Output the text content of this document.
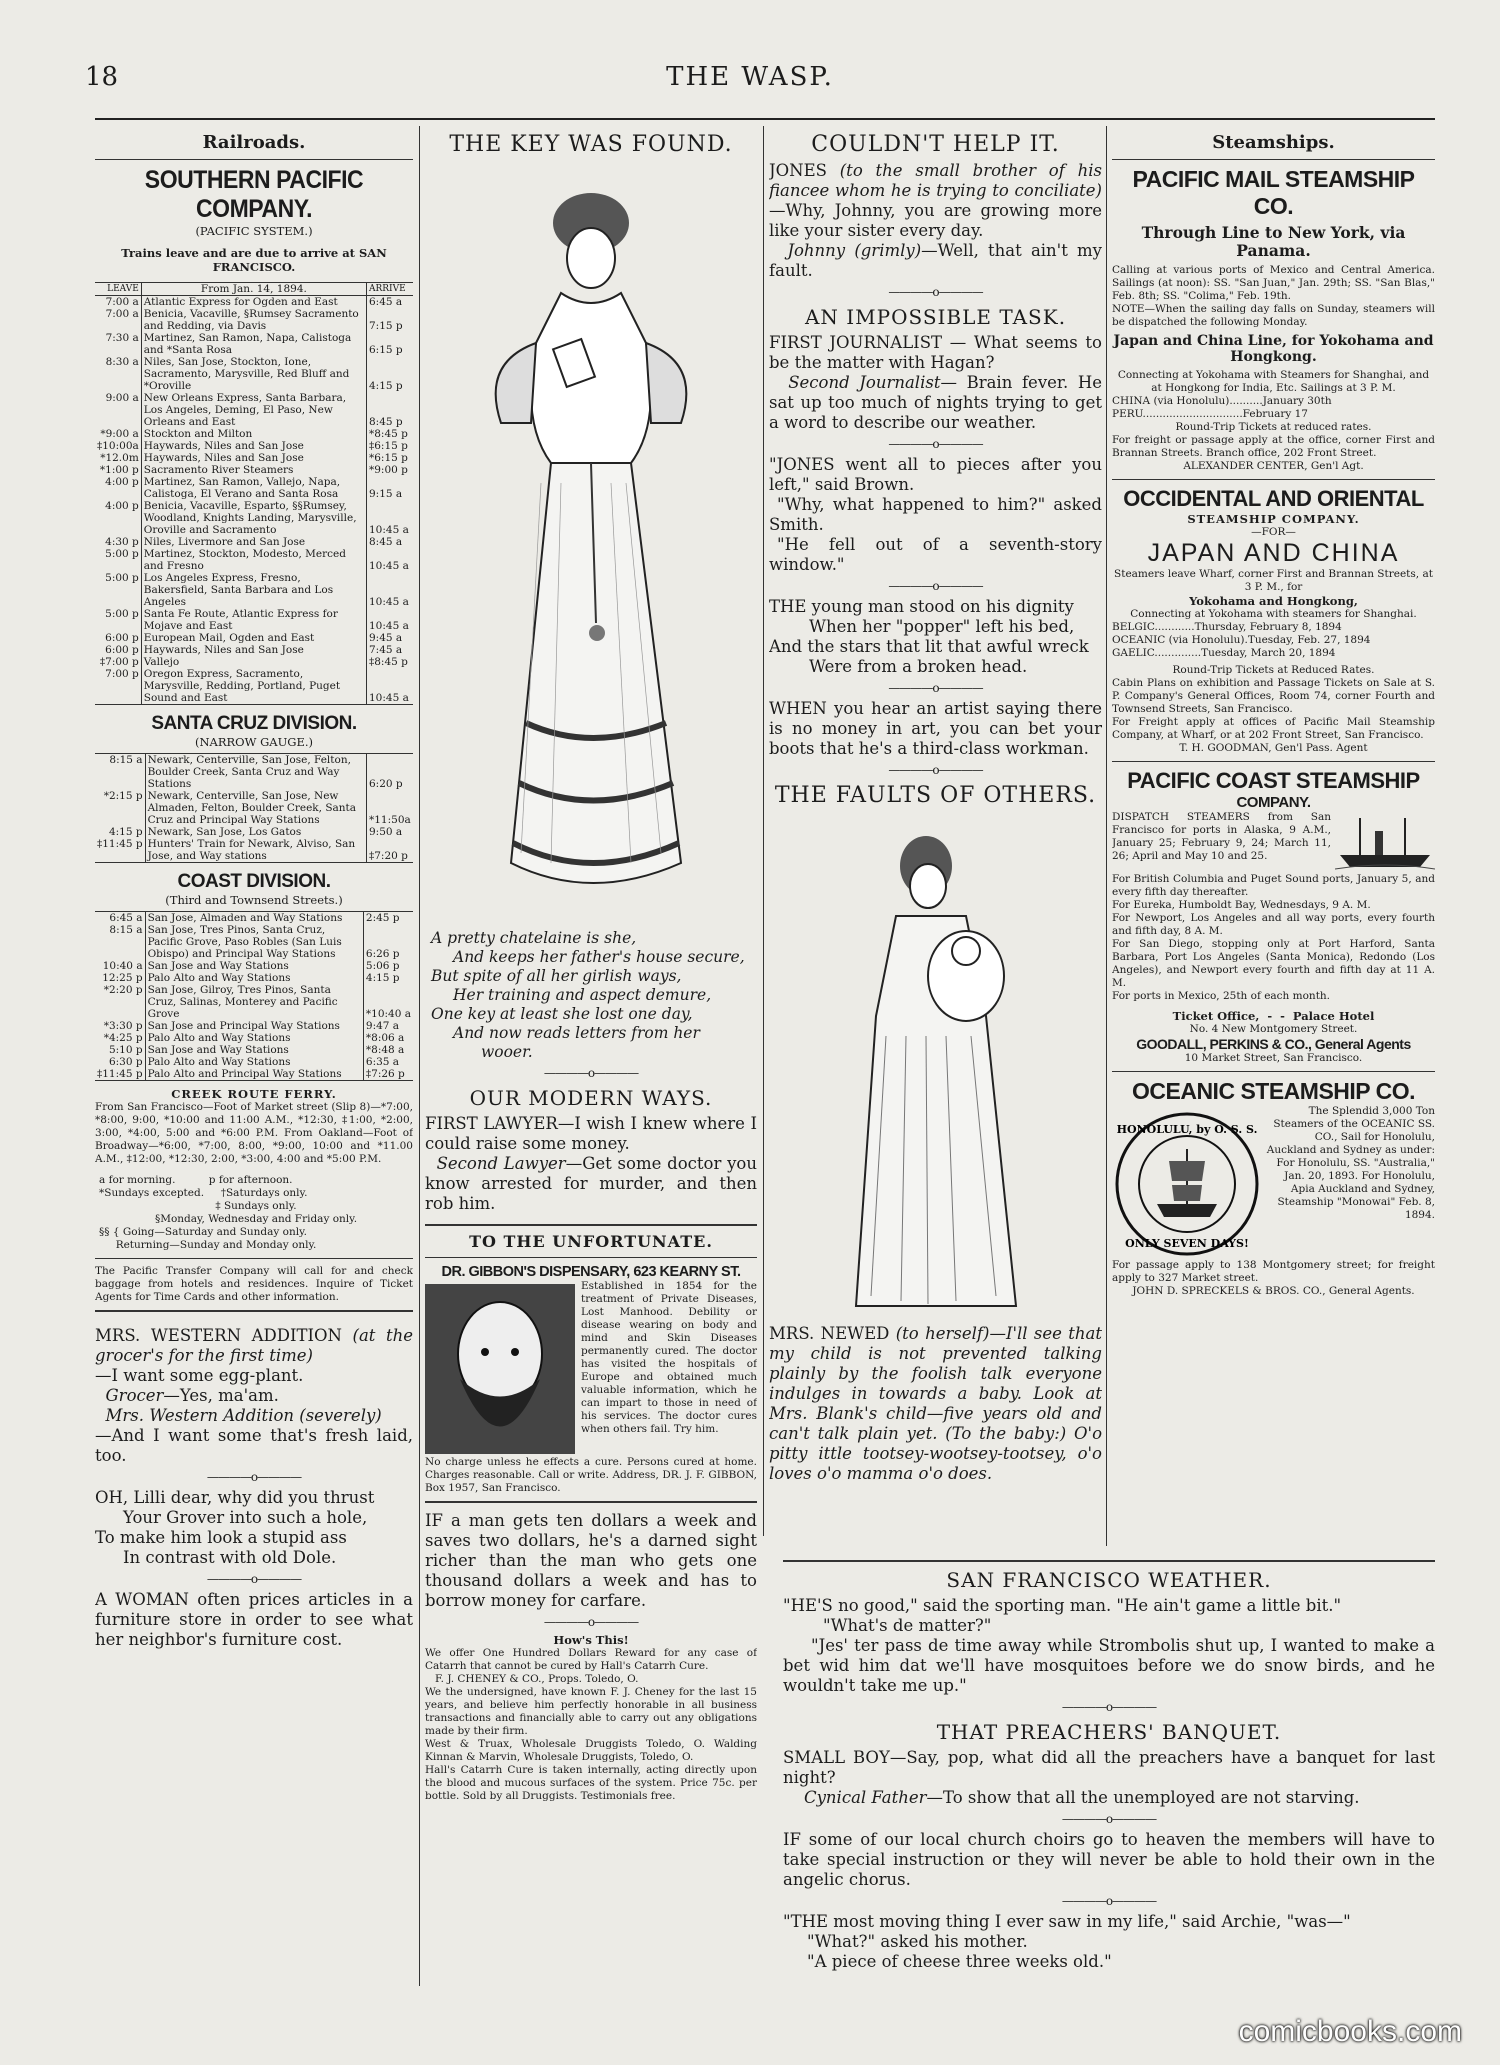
18	THE WASP.
Railroads.
SOUTHERN PACIFIC COMPANY.
(PACIFIC SYSTEM.)
Trains leave and are due to arrive at SAN FRANCISCO.
LEAVE	From Jan. 14, 1894.	ARRIVE
7:00 a	Atlantic Express for Ogden and East	6:45 a
7:00 a	Benicia, Vacaville, §Rumsey Sacramento and Redding, via Davis	7:15 p
7:30 a	Martinez, San Ramon, Napa, Calistoga and *Santa Rosa	6:15 p
8:30 a	Niles, San Jose, Stockton, Ione, Sacramento, Marysville, Red Bluff and *Oroville	4:15 p
9:00 a	New Orleans Express, Santa Barbara, Los Angeles, Deming, El Paso, New Orleans and East	8:45 p
*9:00 a	Stockton and Milton	*8:45 p
‡10:00a	Haywards, Niles and San Jose	‡6:15 p
*12.0m	Haywards, Niles and San Jose	*6:15 p
*1:00 p	Sacramento River Steamers	*9:00 p
4:00 p	Martinez, San Ramon, Vallejo, Napa, Calistoga, El Verano and Santa Rosa	9:15 a
4:00 p	Benicia, Vacaville, Esparto, §§Rumsey, Woodland, Knights Landing, Marysville, Oroville and Sacramento	10:45 a
4:30 p	Niles, Livermore and San Jose	8:45 a
5:00 p	Martinez, Stockton, Modesto, Merced and Fresno	10:45 a
5:00 p	Los Angeles Express, Fresno, Bakersfield, Santa Barbara and Los Angeles	10:45 a
5:00 p	Santa Fe Route, Atlantic Express for Mojave and East	10:45 a
6:00 p	European Mail, Ogden and East	9:45 a
6:00 p	Haywards, Niles and San Jose	7:45 a
‡7:00 p	Vallejo	‡8:45 p
7:00 p	Oregon Express, Sacramento, Marysville, Redding, Portland, Puget Sound and East	10:45 a
SANTA CRUZ DIVISION.
(NARROW GAUGE.)
8:15 a	Newark, Centerville, San Jose, Felton, Boulder Creek, Santa Cruz and Way Stations	6:20 p
*2:15 p	Newark, Centerville, San Jose, New Almaden, Felton, Boulder Creek, Santa Cruz and Principal Way Stations	*11:50a
4:15 p	Newark, San Jose, Los Gatos	9:50 a
‡11:45 p	Hunters' Train for Newark, Alviso, San Jose, and Way stations	‡7:20 p
COAST DIVISION.
(Third and Townsend Streets.)
6:45 a	San Jose, Almaden and Way Stations	2:45 p
8:15 a	San Jose, Tres Pinos, Santa Cruz, Pacific Grove, Paso Robles (San Luis Obispo) and Principal Way Stations	6:26 p
10:40 a	San Jose and Way Stations	5:06 p
12:25 p	Palo Alto and Way Stations	4:15 p
*2:20 p	San Jose, Gilroy, Tres Pinos, Santa Cruz, Salinas, Monterey and Pacific Grove	*10:40 a
*3:30 p	San Jose and Principal Way Stations	9:47 a
*4:25 p	Palo Alto and Way Stations	*8:06 a
5:10 p	San Jose and Way Stations	*8:48 a
6:30 p	Palo Alto and Way Stations	6:35 a
‡11:45 p	Palo Alto and Principal Way Stations	‡7:26 p
CREEK ROUTE FERRY.
From San Francisco—Foot of Market street (Slip 8)—*7:00, *8:00, 9:00, *10:00 and 11:00 A.M., *12:30, ‡1:00, *2:00, 3:00, *4:00, 5:00 and *6:00 P.M. From Oakland—Foot of Broadway—*6:00, *7:00, 8:00, *9:00, 10:00 and *11.00 A.M., ‡12:00, *12:30, 2:00, *3:00, 4:00 and *5:00 P.M.
a for morning.          p for afternoon.
*Sundays excepted.     †Saturdays only.
‡ Sundays only.
§Monday, Wednesday and Friday only.
§§ { Going—Saturday and Sunday only.
Returning—Sunday and Monday only.
The Pacific Transfer Company will call for and check baggage from hotels and residences. Inquire of Ticket Agents for Time Cards and other information.
MRS. WESTERN ADDITION (at the grocer's for the first time)
—I want some egg-plant.
Grocer—Yes, ma'am.
Mrs. Western Addition (severely)
—And I want some that's fresh laid, too.
————o————
OH, Lilli dear, why did you thrust
Your Grover into such a hole,
To make him look a stupid ass
In contrast with old Dole.
————o————
A WOMAN often prices articles in a furniture store in order to see what her neighbor's furniture cost.
THE KEY WAS FOUND.
A pretty chatelaine is she,
And keeps her father's house secure,
But spite of all her girlish ways,
Her training and aspect demure,
One key at least she lost one day,
And now reads letters from her
wooer.
————o————
OUR MODERN WAYS.
FIRST LAWYER—I wish I knew where I could raise some money.
Second Lawyer—Get some doctor you know arrested for murder, and then rob him.
TO THE UNFORTUNATE.
DR. GIBBON'S DISPENSARY, 623 KEARNY ST.
Established in 1854 for the treatment of Private Diseases, Lost Manhood. Debility or disease wearing on body and mind and Skin Diseases permanently cured. The doctor has visited the hospitals of Europe and obtained much valuable information, which he can impart to those in need of his services. The doctor cures when others fail. Try him.
No charge unless he effects a cure. Persons cured at home. Charges reasonable. Call or write. Address, DR. J. F. GIBBON, Box 1957, San Francisco.
IF a man gets ten dollars a week and saves two dollars, he's a darned sight richer than the man who gets one thousand dollars a week and has to borrow money for carfare.
————o————
How's This!
We offer One Hundred Dollars Reward for any case of Catarrh that cannot be cured by Hall's Catarrh Cure.
F. J. CHENEY & CO., Props. Toledo, O.
We the undersigned, have known F. J. Cheney for the last 15 years, and believe him perfectly honorable in all business transactions and financially able to carry out any obligations made by their firm.
West & Truax, Wholesale Druggists Toledo, O. Walding Kinnan & Marvin, Wholesale Druggists, Toledo, O.
Hall's Catarrh Cure is taken internally, acting directly upon the blood and mucous surfaces of the system. Price 75c. per bottle. Sold by all Druggists. Testimonials free.
COULDN'T HELP IT.
JONES (to the small brother of his fiancee whom he is trying to conciliate)—Why, Johnny, you are growing more like your sister every day.
Johnny (grimly)—Well, that ain't my fault.
————o————
AN IMPOSSIBLE TASK.
FIRST JOURNALIST — What seems to be the matter with Hagan?
Second Journalist— Brain fever. He sat up too much of nights trying to get a word to describe our weather.
————o————
"JONES went all to pieces after you left," said Brown.
"Why, what happened to him?" asked Smith.
"He fell out of a seventh-story window."
————o————
THE young man stood on his dignity
When her "popper" left his bed,
And the stars that lit that awful wreck
Were from a broken head.
————o————
WHEN you hear an artist saying there is no money in art, you can bet your boots that he's a third-class workman.
————o————
THE FAULTS OF OTHERS.
MRS. NEWED (to herself)—I'll see that my child is not prevented talking plainly by the foolish talk everyone indulges in towards a baby. Look at Mrs. Blank's child—five years old and can't talk plain yet. (To the baby:) O'o pitty ittle tootsey-wootsey-tootsey, o'o loves o'o mamma o'o does.
Steamships.
PACIFIC MAIL STEAMSHIP CO.
Through Line to New York, via Panama.
Calling at various ports of Mexico and Central America. Sailings (at noon): SS. "San Juan," Jan. 29th; SS. "San Blas," Feb. 8th; SS. "Colima," Feb. 19th.
NOTE—When the sailing day falls on Sunday, steamers will be dispatched the following Monday.
Japan and China Line, for Yokohama and Hongkong.
Connecting at Yokohama with Steamers for Shanghai, and at Hongkong for India, Etc. Sailings at 3 P. M.
CHINA (via Honolulu)..........January 30th
PERU..............................February 17
Round-Trip Tickets at reduced rates.
For freight or passage apply at the office, corner First and Brannan Streets. Branch office, 202 Front Street.
ALEXANDER CENTER, Gen'l Agt.
OCCIDENTAL AND ORIENTAL
STEAMSHIP COMPANY.
—FOR—
JAPAN AND CHINA
Steamers leave Wharf, corner First and Brannan Streets, at 3 P. M., for
Yokohama and Hongkong,
Connecting at Yokohama with steamers for Shanghai.
BELGIC............Thursday, February 8, 1894
OCEANIC (via Honolulu).Tuesday, Feb. 27, 1894
GAELIC..............Tuesday, March 20, 1894
Round-Trip Tickets at Reduced Rates.
Cabin Plans on exhibition and Passage Tickets on Sale at S. P. Company's General Offices, Room 74, corner Fourth and Townsend Streets, San Francisco.
For Freight apply at offices of Pacific Mail Steamship Company, at Wharf, or at 202 Front Street, San Francisco.
T. H. GOODMAN, Gen'l Pass. Agent
PACIFIC COAST STEAMSHIP
COMPANY.
DISPATCH STEAMERS from San Francisco for ports in Alaska, 9 A.M., January 25; February 9, 24; March 11, 26; April and May 10 and 25.
For British Columbia and Puget Sound ports, January 5, and every fifth day thereafter.
For Eureka, Humboldt Bay, Wednesdays, 9 A. M.
For Newport, Los Angeles and all way ports, every fourth and fifth day, 8 A. M.
For San Diego, stopping only at Port Harford, Santa Barbara, Port Los Angeles (Santa Monica), Redondo (Los Angeles), and Newport every fourth and fifth day at 11 A. M.
For ports in Mexico, 25th of each month.
Ticket Office,  -  -  Palace Hotel
No. 4 New Montgomery Street.
GOODALL, PERKINS & CO., General Agents
10 Market Street, San Francisco.
OCEANIC STEAMSHIP CO.
HONOLULU, by O. S. S.
ONLY SEVEN DAYS!
The Splendid 3,000 Ton Steamers of the OCEANIC SS. CO., Sail for Honolulu, Auckland and Sydney as under: For Honolulu, SS. "Australia," Jan. 20, 1893. For Honolulu, Apia Auckland and Sydney, Steamship "Monowai" Feb. 8, 1894.
For passage apply to 138 Montgomery street; for freight apply to 327 Market street.
JOHN D. SPRECKELS & BROS. CO., General Agents.
SAN FRANCISCO WEATHER.
"HE'S no good," said the sporting man. "He ain't game a little bit."
"What's de matter?"
"Jes' ter pass de time away while Strombolis shut up, I wanted to make a bet wid him dat we'll have mosquitoes before we do snow birds, and he wouldn't take me up."
————o————
THAT PREACHERS' BANQUET.
SMALL BOY—Say, pop, what did all the preachers have a banquet for last night?
Cynical Father—To show that all the unemployed are not starving.
————o————
IF some of our local church choirs go to heaven the members will have to take special instruction or they will never be able to hold their own in the angelic chorus.
————o————
"THE most moving thing I ever saw in my life," said Archie, "was—"
"What?" asked his mother.
"A piece of cheese three weeks old."
comicbooks.com
